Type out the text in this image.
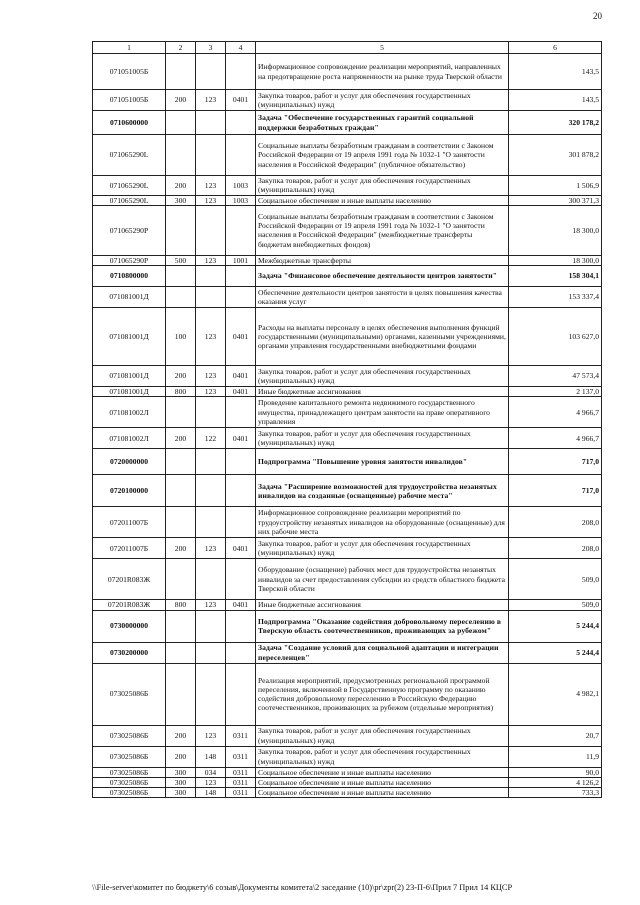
20
1	2	3	4	5	6
071051005Б				Информационное сопровождение реализации мероприятий, направленных на предотвращение роста напряженности на рынке труда Тверской области	143,5
071051005Б	200	123	0401	Закупка товаров, работ и услуг для обеспечения государственных (муниципальных) нужд	143,5
0710600000				Задача "Обеспечение государственных гарантий социальной поддержки безработных граждан"	320 178,2
071065290L				Социальные выплаты безработным гражданам в соответствии с Законом Российской Федерации от 19 апреля 1991 года № 1032-1 "О занятости населения в Российской Федерации" (публичное обязательство)	301 878,2
071065290L	200	123	1003	Закупка товаров, работ и услуг для обеспечения государственных (муниципальных) нужд	1 506,9
071065290L	300	123	1003	Социальное обеспечение и иные выплаты населению	300 371,3
071065290Р				Социальные выплаты безработным гражданам в соответствии с Законом Российской Федерации от 19 апреля 1991 года № 1032-1 "О занятости населения в Российской Федерации" (межбюджетные трансферты бюджетам внебюджетных фондов)	18 300,0
071065290Р	500	123	1001	Межбюджетные трансферты	18 300,0
0710800000				Задача "Финансовое обеспечение деятельности центров занятости"	158 304,1
071081001Д				Обеспечение деятельности центров занятости в целях повышения качества оказания услуг	153 337,4
071081001Д	100	123	0401	Расходы на выплаты персоналу в целях обеспечения выполнения функций государственными (муниципальными) органами, казенными учреждениями, органами управления государственными внебюджетными фондами	103 627,0
071081001Д	200	123	0401	Закупка товаров, работ и услуг для обеспечения государственных (муниципальных) нужд	47 573,4
071081001Д	800	123	0401	Иные бюджетные ассигнования	2 137,0
071081002Л				Проведение капитального ремонта недвижимого государственного имущества, принадлежащего центрам занятости на праве оперативного управления	4 966,7
071081002Л	200	122	0401	Закупка товаров, работ и услуг для обеспечения государственных (муниципальных) нужд	4 966,7
0720000000				Подпрограмма "Повышение уровня занятости инвалидов"	717,0
0720100000				Задача "Расширение возможностей для трудоустройства незанятых инвалидов на созданные (оснащенные) рабочие места"	717,0
072011007Б				Информационное сопровождение реализации мероприятий по трудоустройству незанятых инвалидов на оборудованные (оснащенные) для них рабочие места	208,0
072011007Б	200	123	0401	Закупка товаров, работ и услуг для обеспечения государственных (муниципальных) нужд	208,0
07201R083Ж				Оборудование (оснащение) рабочих мест для трудоустройства незанятых инвалидов за счет предоставления субсидии из средств областного бюджета Тверской области	509,0
07201R083Ж	800	123	0401	Иные бюджетные ассигнования	509,0
0730000000				Подпрограмма "Оказание содействия добровольному переселению в Тверскую область соотечественников, проживающих за рубежом"	5 244,4
0730200000				Задача "Создание условий для социальной адаптации и интеграции переселенцев"	5 244,4
073025086Б				Реализация мероприятий, предусмотренных региональной программой переселения, включенной в Государственную программу по оказанию содействия добровольному переселению в Российскую Федерацию соотечественников, проживающих за рубежом (отдельные мероприятия)	4 982,1
073025086Б	200	123	0311	Закупка товаров, работ и услуг для обеспечения государственных (муниципальных) нужд	20,7
073025086Б	200	148	0311	Закупка товаров, работ и услуг для обеспечения государственных (муниципальных) нужд	11,9
073025086Б	300	034	0311	Социальное обеспечение и иные выплаты населению	90,0
073025086Б	300	123	0311	Социальное обеспечение и иные выплаты населению	4 126,2
073025086Б	300	148	0311	Социальное обеспечение и иные выплаты населению	733,3
\\File-server\комитет по бюджету\6 созыв\Документы комитета\2 заседание (10)\pr\zpr(2) 23-П-6\Прил 7 Прил 14 КЦСР
